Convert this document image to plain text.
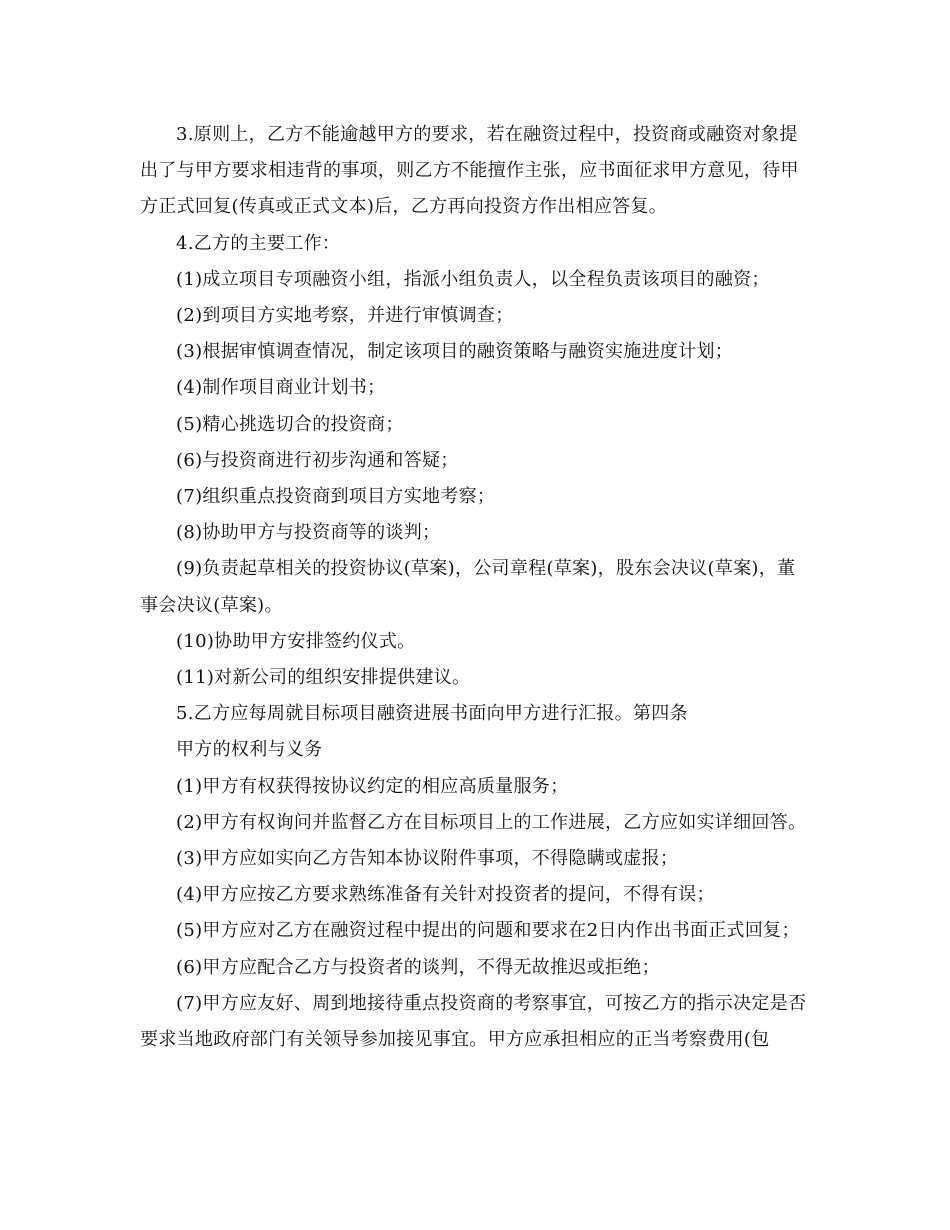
3.原则上，乙方不能逾越甲方的要求，若在融资过程中，投资商或融资对象提出了与甲方要求相违背的事项，则乙方不能擅作主张，应书面征求甲方意见，待甲方正式回复(传真或正式文本)后，乙方再向投资方作出相应答复。

4.乙方的主要工作：

(1)成立项目专项融资小组，指派小组负责人，以全程负责该项目的融资；

(2)到项目方实地考察，并进行审慎调查；

(3)根据审慎调查情况，制定该项目的融资策略与融资实施进度计划；

(4)制作项目商业计划书；

(5)精心挑选切合的投资商；

(6)与投资商进行初步沟通和答疑；

(7)组织重点投资商到项目方实地考察；

(8)协助甲方与投资商等的谈判；

(9)负责起草相关的投资协议(草案)，公司章程(草案)，股东会决议(草案)，董事会决议(草案)。

(10)协助甲方安排签约仪式。

(11)对新公司的组织安排提供建议。

5.乙方应每周就目标项目融资进展书面向甲方进行汇报。第四条

甲方的权利与义务

(1)甲方有权获得按协议约定的相应高质量服务；

(2)甲方有权询问并监督乙方在目标项目上的工作进展，乙方应如实详细回答。

(3)甲方应如实向乙方告知本协议附件事项，不得隐瞒或虚报；

(4)甲方应按乙方要求熟练准备有关针对投资者的提问，不得有误；

(5)甲方应对乙方在融资过程中提出的问题和要求在2日内作出书面正式回复；

(6)甲方应配合乙方与投资者的谈判，不得无故推迟或拒绝；

(7)甲方应友好、周到地接待重点投资商的考察事宜，可按乙方的指示决定是否要求当地政府部门有关领导参加接见事宜。甲方应承担相应的正当考察费用(包
